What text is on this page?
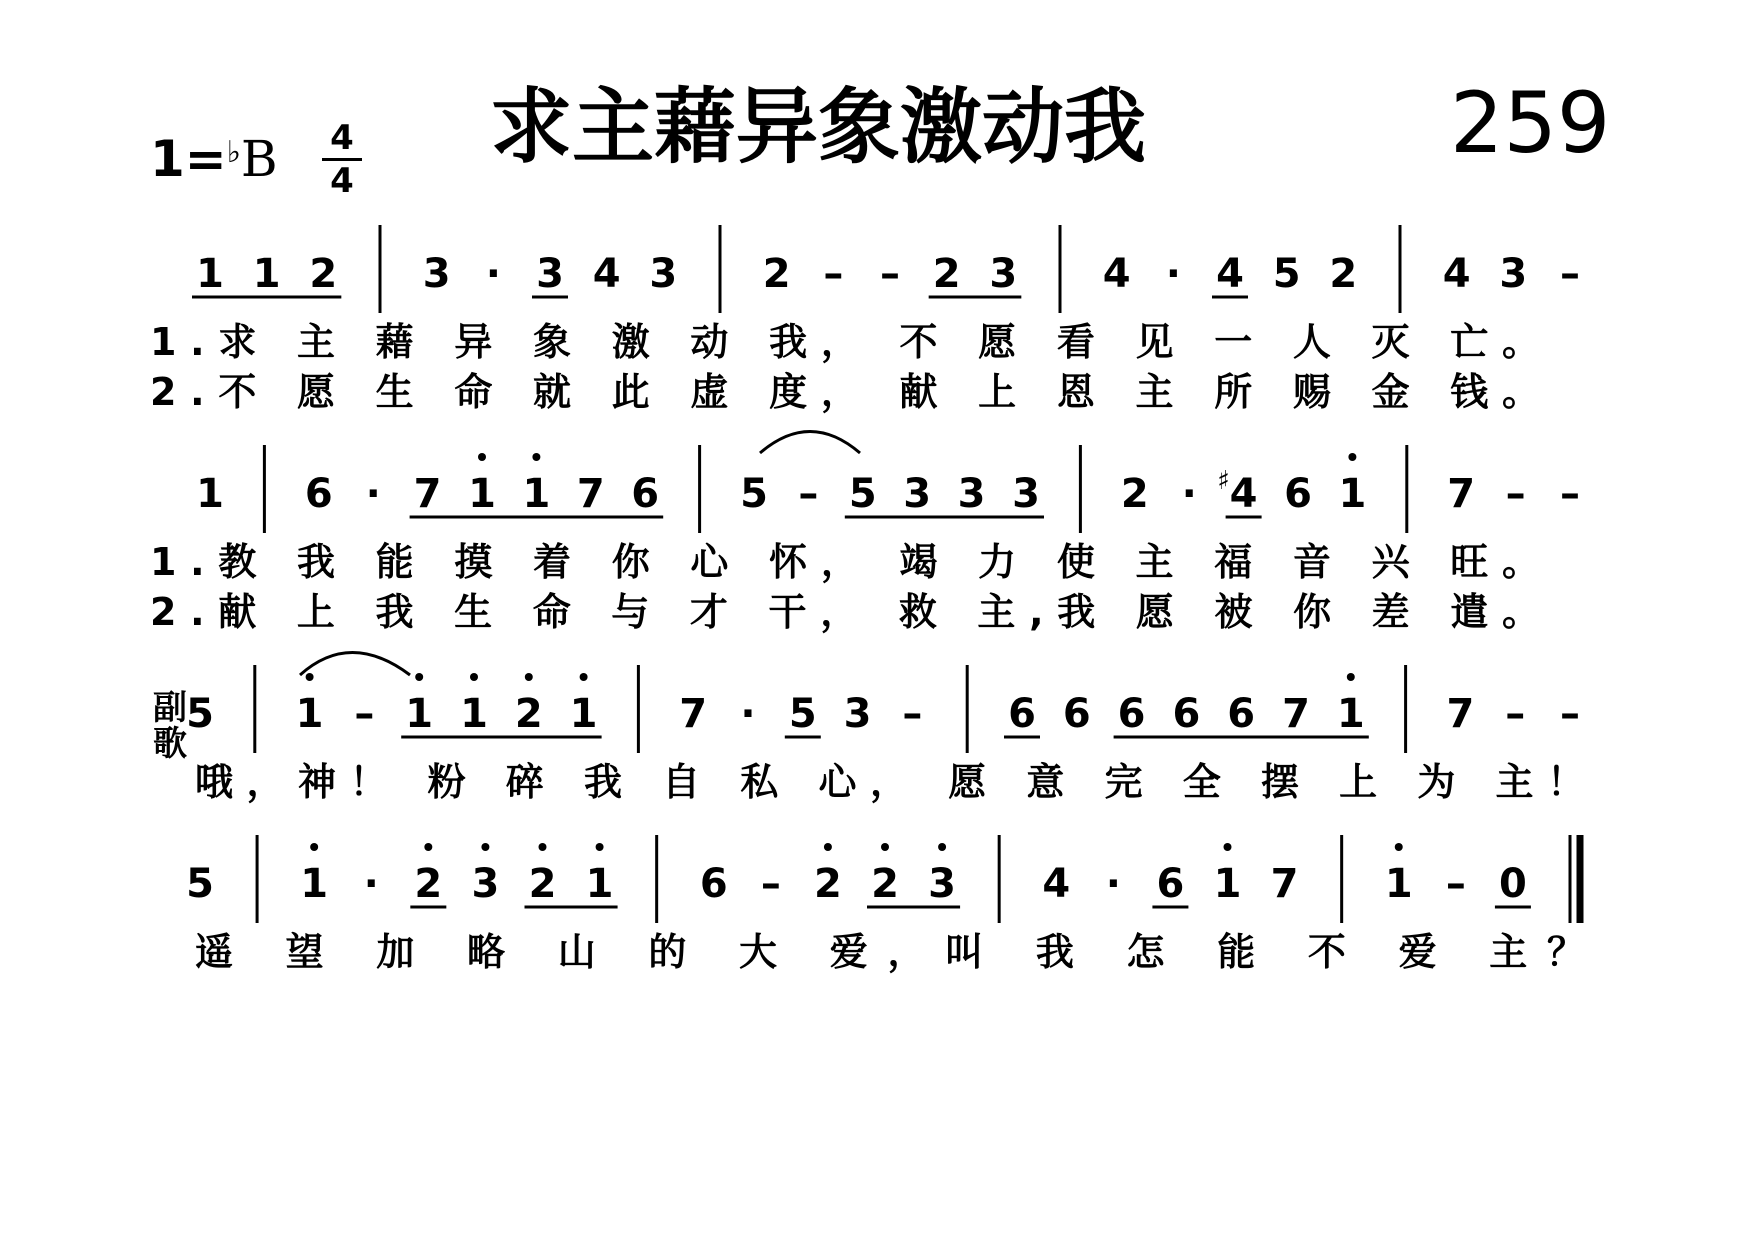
求主藉异象激动我	259
1=♭B 4
4
副
歌
1 1 2 3 · 3 4 3 2 – – 2 3 4 · 4 5 2 4 3 –
1.求 主 藉 异 象 激 动 我， 不 愿 看 见 一 人 灭 亡。
2.不 愿 生 命 就 此 虚 度， 献 上 恩 主 所 赐 金 钱。
1 6 · 7 1 1 7 6 5 – 5 3 3 3 2 · 4
♯ 6 1 7 – –
1.教 我 能 摸 着 你 心 怀， 竭 力 使 主 福 音 兴 旺。
2.献 上 我 生 命 与 才 干， 救 主,我 愿 被 你 差 遣。
5 1 – 1 1 2 1 7 · 5 3 – 6 6 6 6 6 7 1 7 – –
哦，神！ 粉 碎 我 自 私 心， 愿 意 完 全 摆 上 为 主！
5 1 · 2 3 2 1 6 – 2 2 3 4 · 6 1 7 1 – 0
遥 望 加 略 山 的 大 爱，叫 我 怎 能 不 爱 主？
